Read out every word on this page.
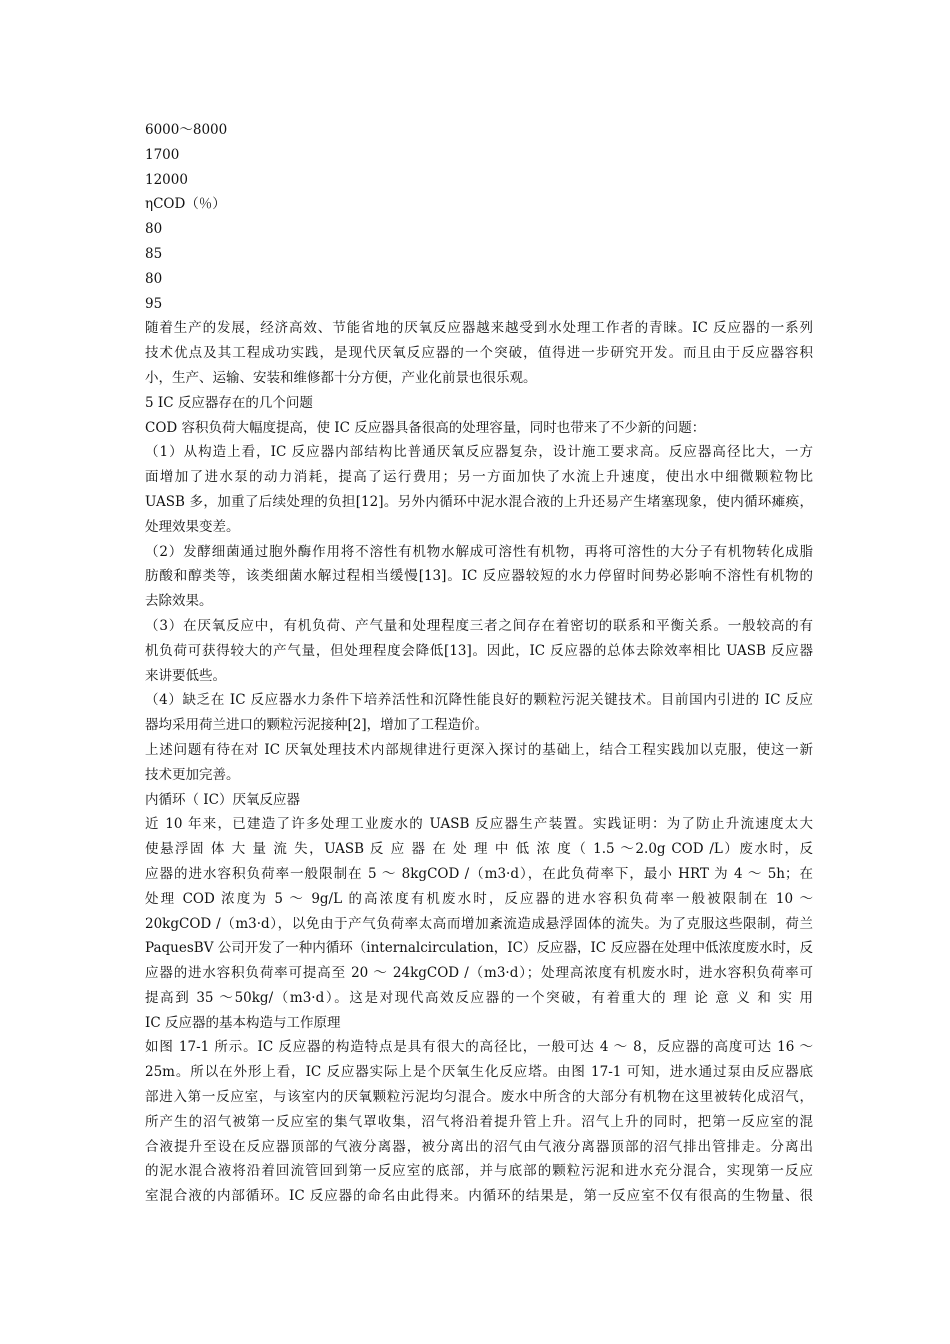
6000～8000
1700
12000
ηCOD（％）
80
85
80
95
随着生产的发展，经济高效、节能省地的厌氧反应器越来越受到水处理工作者的青睐。IC 反应器的一系列
技术优点及其工程成功实践，是现代厌氧反应器的一个突破，值得进一步研究开发。而且由于反应器容积
小，生产、运输、安装和维修都十分方便，产业化前景也很乐观。
5 IC 反应器存在的几个问题
COD 容积负荷大幅度提高，使 IC 反应器具备很高的处理容量，同时也带来了不少新的问题：
（1）从构造上看，IC 反应器内部结构比普通厌氧反应器复杂，设计施工要求高。反应器高径比大，一方
面增加了进水泵的动力消耗，提高了运行费用；另一方面加快了水流上升速度，使出水中细微颗粒物比
UASB 多，加重了后续处理的负担[12]。另外内循环中泥水混合液的上升还易产生堵塞现象，使内循环瘫痪，
处理效果变差。
（2）发酵细菌通过胞外酶作用将不溶性有机物水解成可溶性有机物，再将可溶性的大分子有机物转化成脂
肪酸和醇类等，该类细菌水解过程相当缓慢[13]。IC 反应器较短的水力停留时间势必影响不溶性有机物的
去除效果。
（3）在厌氧反应中，有机负荷、产气量和处理程度三者之间存在着密切的联系和平衡关系。一般较高的有
机负荷可获得较大的产气量，但处理程度会降低[13]。因此，IC 反应器的总体去除效率相比 UASB 反应器
来讲要低些。
（4）缺乏在 IC 反应器水力条件下培养活性和沉降性能良好的颗粒污泥关键技术。目前国内引进的 IC 反应
器均采用荷兰进口的颗粒污泥接种[2]，增加了工程造价。
上述问题有待在对 IC 厌氧处理技术内部规律进行更深入探讨的基础上，结合工程实践加以克服，使这一新
技术更加完善。
内循环（ IC）厌氧反应器
近 10 年来，已建造了许多处理工业废水的 UASB 反应器生产装置。实践证明：为了防止升流速度太大
使悬浮固 体 大 量 流 失，UASB 反 应 器 在 处 理 中 低 浓 度（ 1.5 ～2.0g COD /L）废水时，反
应器的进水容积负荷率一般限制在 5 ～ 8kgCOD /（m3·d），在此负荷率下，最小 HRT 为 4 ～ 5h；在
处理 COD 浓度为 5 ～ 9g/L 的高浓度有机废水时，反应器的进水容积负荷率一般被限制在 10 ～
20kgCOD /（m3·d），以免由于产气负荷率太高而增加紊流造成悬浮固体的流失。为了克服这些限制，荷兰
PaquesBV 公司开发了一种内循环（internalcirculation，IC）反应器，IC 反应器在处理中低浓度废水时，反
应器的进水容积负荷率可提高至 20 ～ 24kgCOD /（m3·d）；处理高浓度有机废水时，进水容积负荷率可
提高到 35 ～50kg/（m3·d）。这是对现代高效反应器的一个突破，有着重大的 理 论 意 义 和 实 用
IC 反应器的基本构造与工作原理
如图 17-1 所示。IC 反应器的构造特点是具有很大的高径比，一般可达 4 ～ 8，反应器的高度可达 16 ～
25m。所以在外形上看，IC 反应器实际上是个厌氧生化反应塔。由图 17-1 可知，进水通过泵由反应器底
部进入第一反应室，与该室内的厌氧颗粒污泥均匀混合。废水中所含的大部分有机物在这里被转化成沼气，
所产生的沼气被第一反应室的集气罩收集，沼气将沿着提升管上升。沼气上升的同时，把第一反应室的混
合液提升至设在反应器顶部的气液分离器，被分离出的沼气由气液分离器顶部的沼气排出管排走。分离出
的泥水混合液将沿着回流管回到第一反应室的底部，并与底部的颗粒污泥和进水充分混合，实现第一反应
室混合液的内部循环。IC 反应器的命名由此得来。内循环的结果是，第一反应室不仅有很高的生物量、很
